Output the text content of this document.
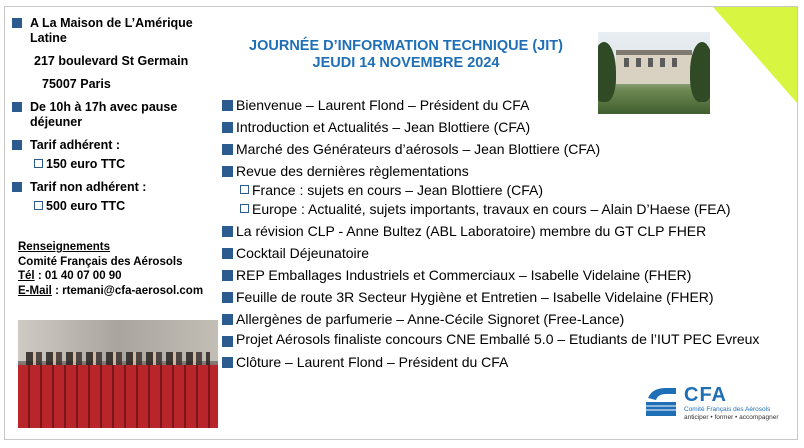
A La Maison de L’Amérique
Latine
217 boulevard St Germain
75007 Paris
De 10h à 17h avec pause
déjeuner
Tarif adhérent :
150 euro TTC
Tarif non adhérent :
500 euro TTC
Renseignements
Comité Français des Aérosols
Tél : 01 40 07 00 90
E-Mail : rtemani@cfa-aerosol.com
JOURNÉE D’INFORMATION TECHNIQUE (JIT)
JEUDI 14 NOVEMBRE 2024
Bienvenue – Laurent Flond – Président du CFA
Introduction et Actualités – Jean Blottiere (CFA)
Marché des Générateurs d’aérosols – Jean Blottiere (CFA)
Revue des dernières règlementations
France : sujets en cours – Jean Blottiere (CFA)
Europe : Actualité, sujets importants, travaux en cours – Alain D’Haese (FEA)
La révision CLP - Anne Bultez (ABL Laboratoire) membre du GT CLP FHER
Cocktail Déjeunatoire
REP Emballages Industriels et Commerciaux – Isabelle Videlaine (FHER)
Feuille de route 3R Secteur Hygiène et Entretien – Isabelle Videlaine (FHER)
Allergènes de parfumerie – Anne-Cécile Signoret (Free-Lance)
Projet Aérosols finaliste concours CNE Emballé 5.0 – Etudiants de l’IUT PEC Evreux
Clôture – Laurent Flond – Président du CFA
CFA
Comité Français des Aérosols
anticiper • former • accompagner
